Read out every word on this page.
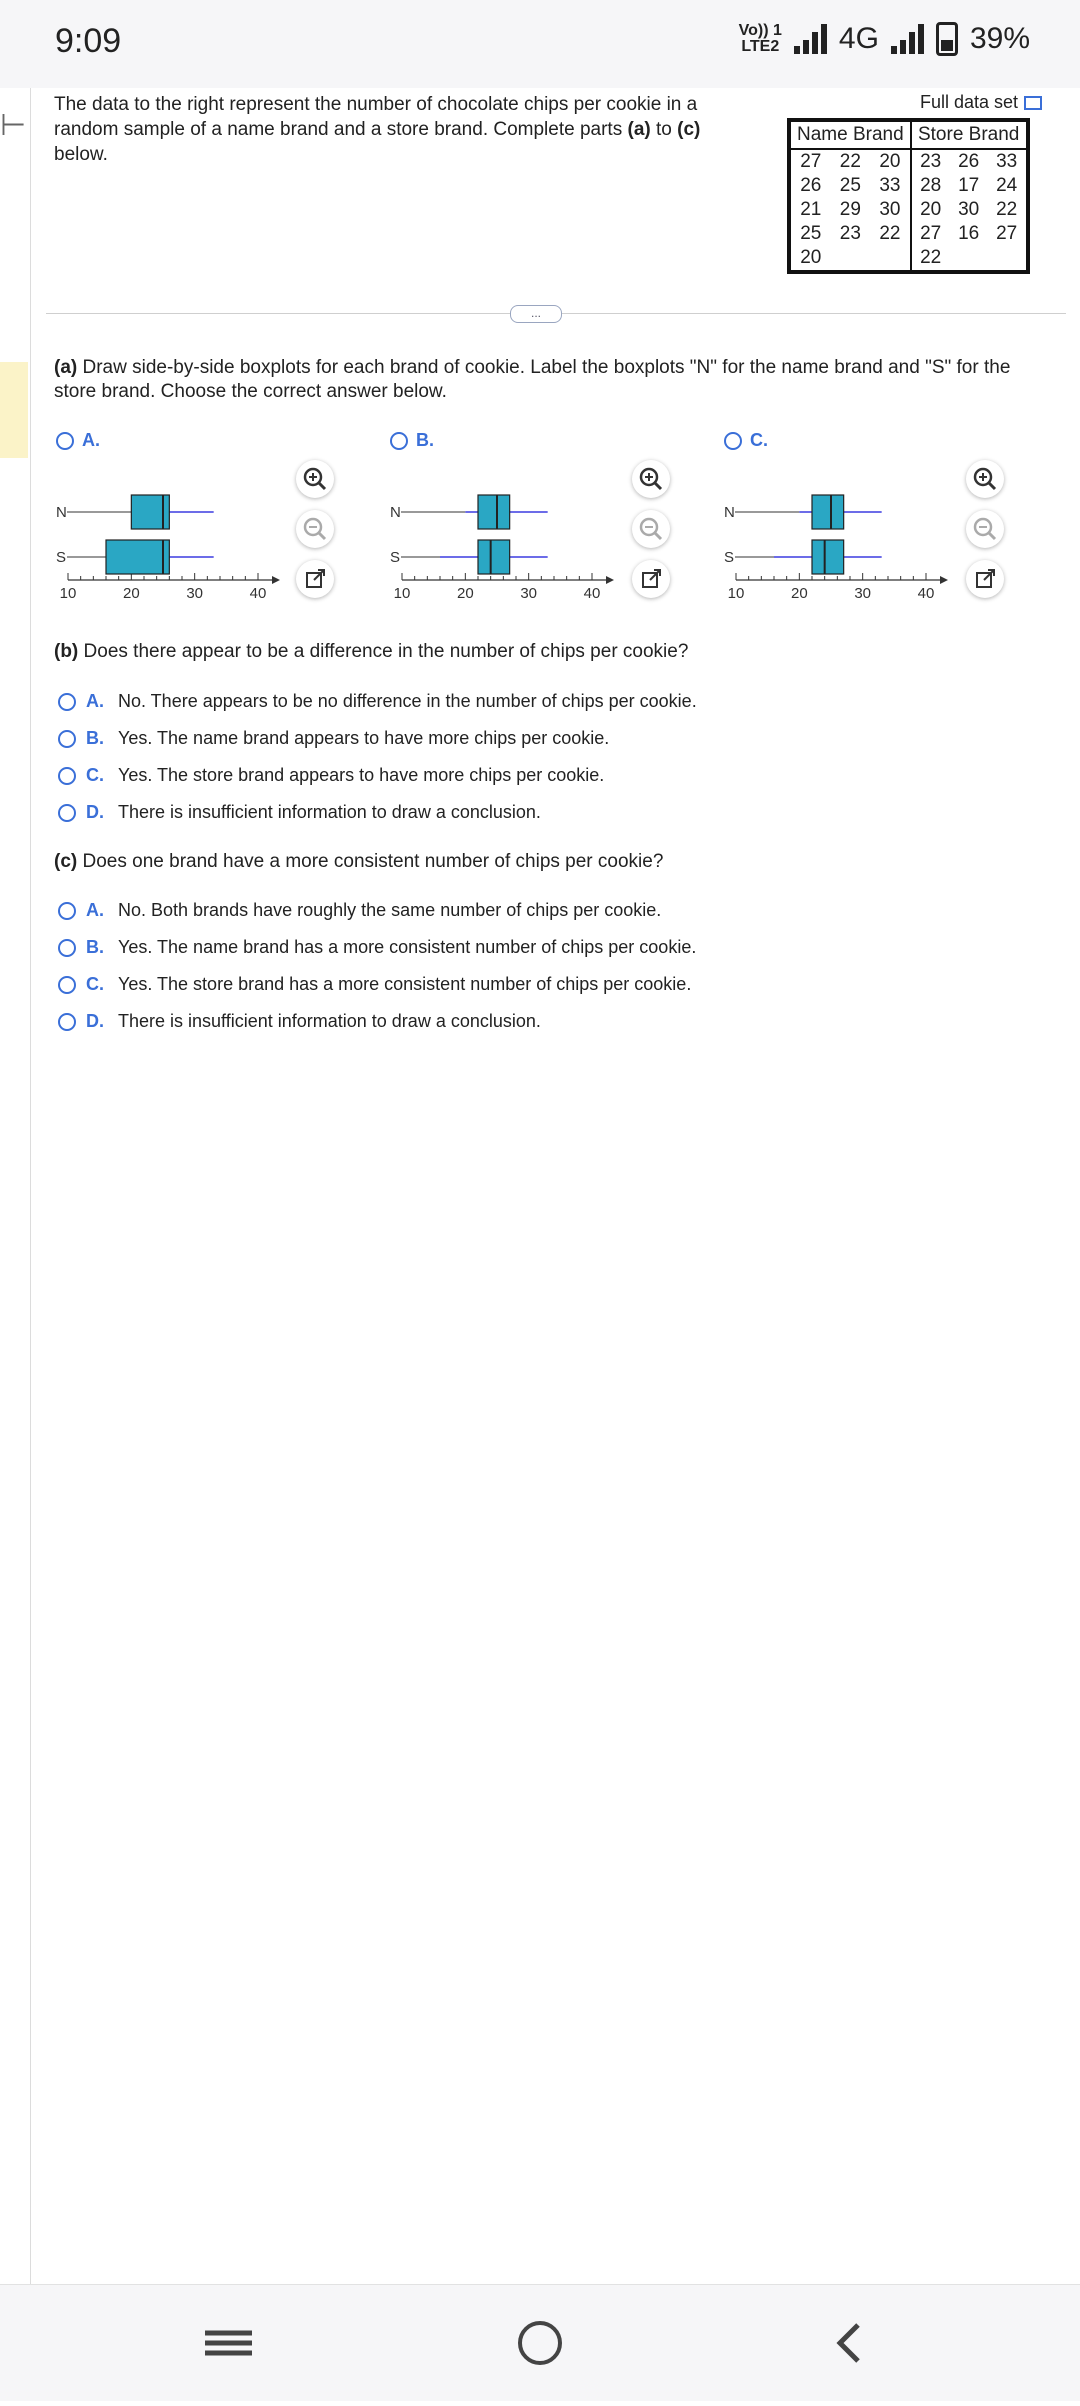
9:09	Vo)) 1
LTE2 4G	39%
⊢
The data to the right represent the number of chocolate chips per cookie in a random sample of a name brand and a store brand. Complete parts (a) to (c) below.
Full data set
Name Brand			Store Brand		
27	22	20	23	26	33
26	25	33	28	17	24
21	29	30	20	30	22
25	23	22	27	16	27
20			22		
...
(a) Draw side-by-side boxplots for each brand of cookie. Label the boxplots "N" for the name brand and "S" for the store brand. Choose the correct answer below.
A.	B.	C.
10	20	30	40
N
S
10	20	30	40
N
S
10	20	30	40
N
S
(b) Does there appear to be a difference in the number of chips per cookie?
A. No. There appears to be no difference in the number of chips per cookie.
B. Yes. The name brand appears to have more chips per cookie.
C. Yes. The store brand appears to have more chips per cookie.
D. There is insufficient information to draw a conclusion.
(c) Does one brand have a more consistent number of chips per cookie?
A. No. Both brands have roughly the same number of chips per cookie.
B. Yes. The name brand has a more consistent number of chips per cookie.
C. Yes. The store brand has a more consistent number of chips per cookie.
D. There is insufficient information to draw a conclusion.
